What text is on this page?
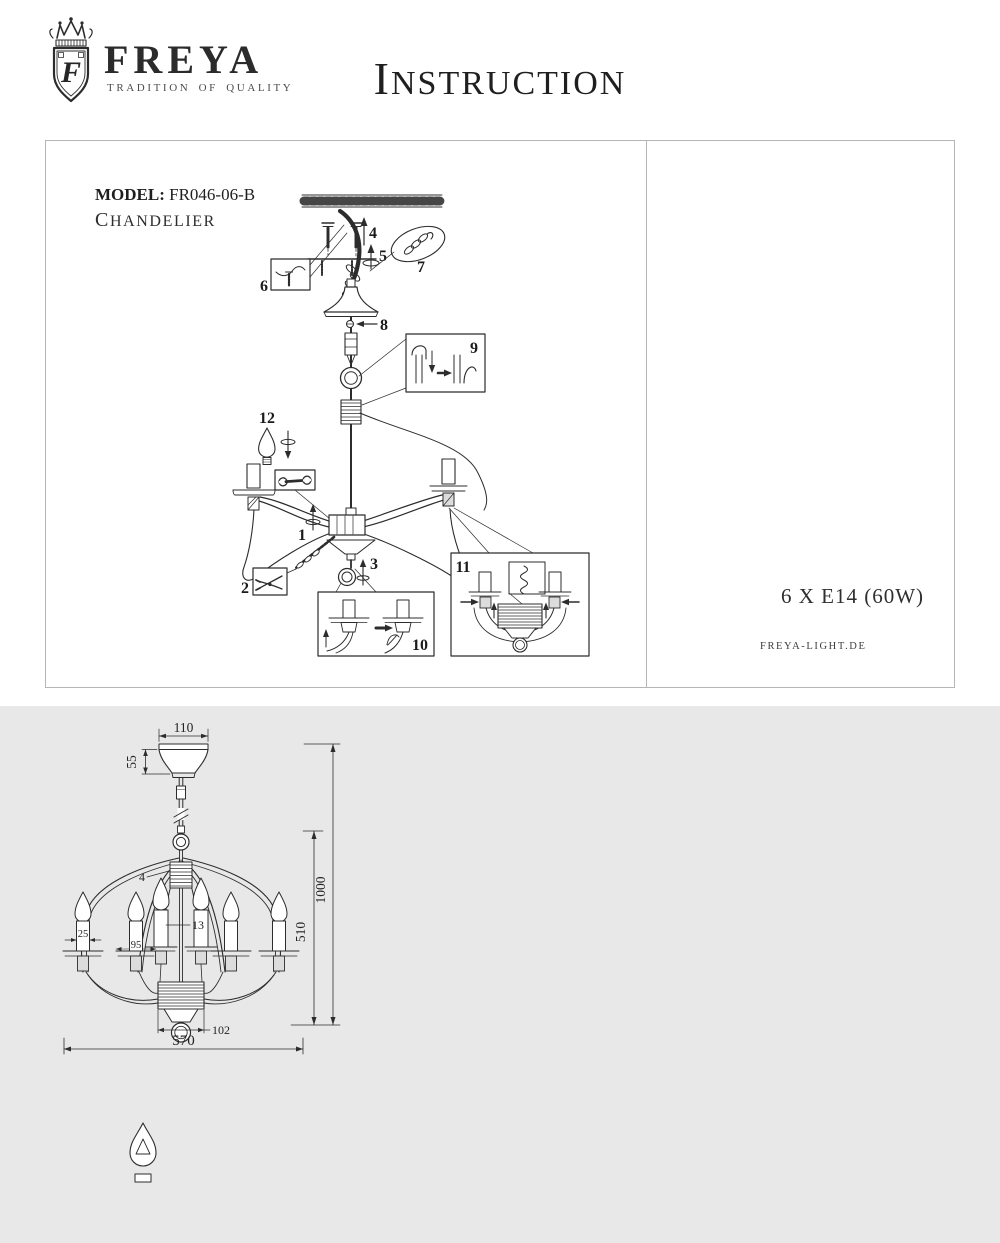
F FREYA
TRADITION OF QUALITY	INSTRUCTION
MODEL: FR046-06-B
CHANDELIER
4
5
6
7
8
9
12
1
2
3
10
11

110
55
4
25
95
13
102
570
510
1000
6 X E14 (60W)
FREYA-LIGHT.DE
